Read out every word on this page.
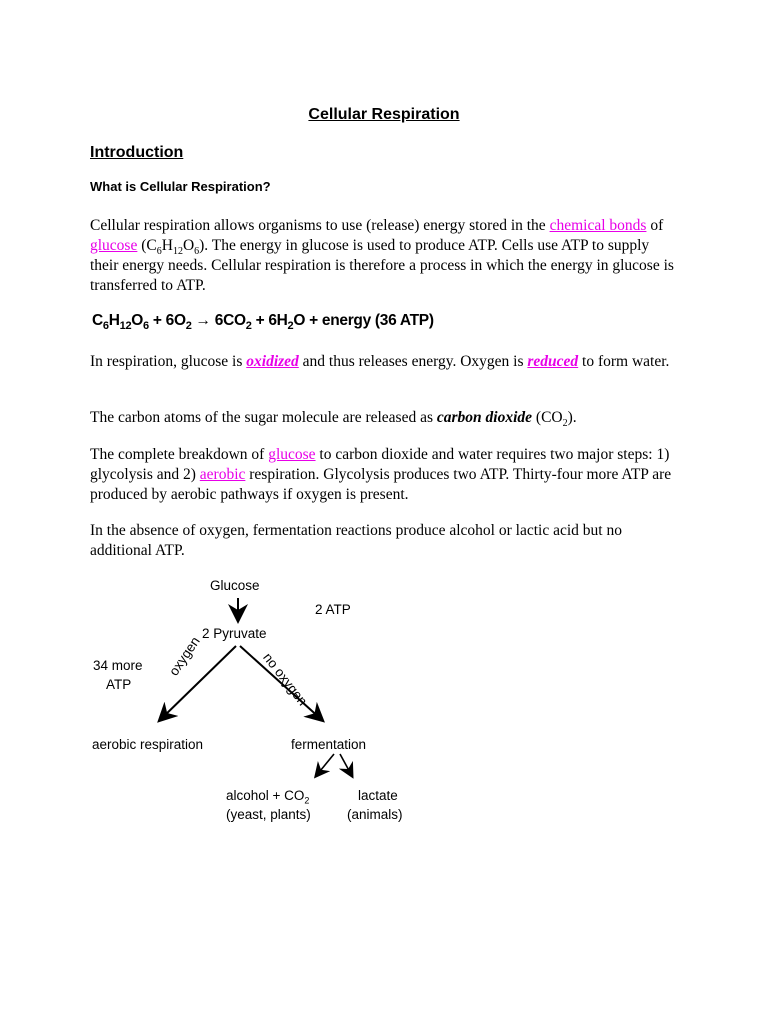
Cellular Respiration
Introduction
What is Cellular Respiration?
Cellular respiration allows organisms to use (release) energy stored in the chemical bonds of glucose $(C_6H_{12}O_6)$. The energy in glucose is used to produce ATP. Cells use ATP to supply their energy needs. Cellular respiration is therefore a process in which the energy in glucose is transferred to ATP.
$C_6H_{12}O_6 + 6O_2 \to 6CO_2 + 6H_2O$ + energy (36 ATP)
In respiration, glucose is oxidized and thus releases energy. Oxygen is reduced to form water.
The carbon atoms of the sugar molecule are released as carbon dioxide $(CO_2)$.
The complete breakdown of glucose to carbon dioxide and water requires two major steps: 1) glycolysis and 2) aerobic respiration. Glycolysis produces two ATP. Thirty-four more ATP are produced by aerobic pathways if oxygen is present.
In the absence of oxygen, fermentation reactions produce alcohol or lactic acid but no additional ATP.
Glucose
2 ATP
2 Pyruvate
34 more
ATP
oxygen	no oxygen
aerobic respiration	fermentation
alcohol + $CO_2$
(yeast, plants)
lactate
(animals)
